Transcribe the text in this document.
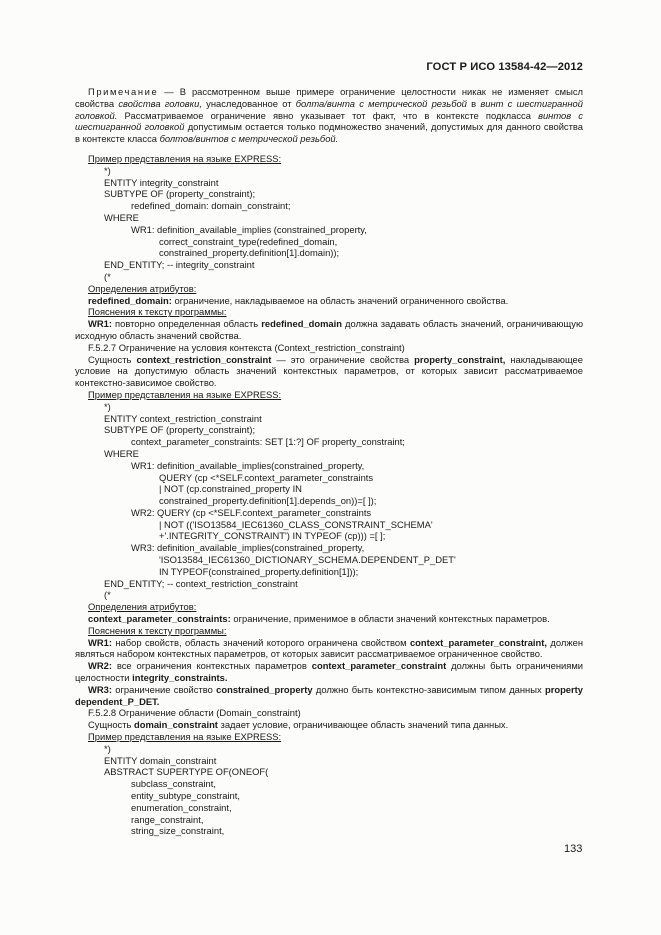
ГОСТ Р ИСО 13584-42—2012

Примечание — В рассмотренном выше примере ограничение целостности никак не изменяет смысл свойства свойства головки, унаследованное от болта/винта с метрической резьбой в винт с шестигранной головкой. Рассматриваемое ограничение явно указывает тот факт, что в контексте подкласса винтов с шестигранной головкой допустимым остается только подмножество значений, допустимых для данного свойства в контексте класса болтов/винтов с метрической резьбой.

Пример представления на языке EXPRESS:

*)

ENTITY integrity_constraint

SUBTYPE OF (property_constraint);

redefined_domain: domain_constraint;

WHERE

WR1: definition_available_implies (constrained_property,

correct_constraint_type(redefined_domain,

constrained_property.definition[1].domain));

END_ENTITY; -- integrity_constraint

(*

Определения атрибутов:

redefined_domain: ограничение, накладываемое на область значений ограниченного свойства.

Пояснения к тексту программы:

WR1: повторно определенная область redefined_domain должна задавать область значений, ограничивающую исходную область значений свойства.

F.5.2.7 Ограничение на условия контекста (Context_restriction_constraint)

Сущность context_restriction_constraint — это ограничение свойства property_constraint, накладывающее условие на допустимую область значений контекстных параметров, от которых зависит рассматриваемое контекстно-зависимое свойство.

Пример представления на языке EXPRESS:

*)

ENTITY context_restriction_constraint

SUBTYPE OF (property_constraint);

context_parameter_constraints: SET [1:?] OF property_constraint;

WHERE

WR1: definition_available_implies(constrained_property,

QUERY (cp <*SELF.context_parameter_constraints

| NOT (cp.constrained_property IN

constrained_property.definition[1].depends_on))=[ ]);

WR2: QUERY (cp <*SELF.context_parameter_constraints

| NOT (('ISO13584_IEC61360_CLASS_CONSTRAINT_SCHEMA'

+'.INTEGRITY_CONSTRAINT') IN TYPEOF (cp))) =[ ];

WR3: definition_available_implies(constrained_property,

'ISO13584_IEC61360_DICTIONARY_SCHEMA.DEPENDENT_P_DET'

IN TYPEOF(constrained_property.definition[1]));

END_ENTITY; -- context_restriction_constraint

(*

Определения атрибутов:

context_parameter_constraints: ограничение, применимое в области значений контекстных параметров.

Пояснения к тексту программы:

WR1: набор свойств, область значений которого ограничена свойством context_parameter_constraint, должен являться набором контекстных параметров, от которых зависит рассматриваемое ограниченное свойство.

WR2: все ограничения контекстных параметров context_parameter_constraint должны быть ограничениями целостности integrity_constraints.

WR3: ограничение свойство constrained_property должно быть контекстно-зависимым типом данных property dependent_P_DET.

F.5.2.8 Ограничение области (Domain_constraint)

Сущность domain_constraint задает условие, ограничивающее область значений типа данных.

Пример представления на языке EXPRESS:

*)

ENTITY domain_constraint

ABSTRACT SUPERTYPE OF(ONEOF(

subclass_constraint,

entity_subtype_constraint,

enumeration_constraint,

range_constraint,

string_size_constraint,

133
